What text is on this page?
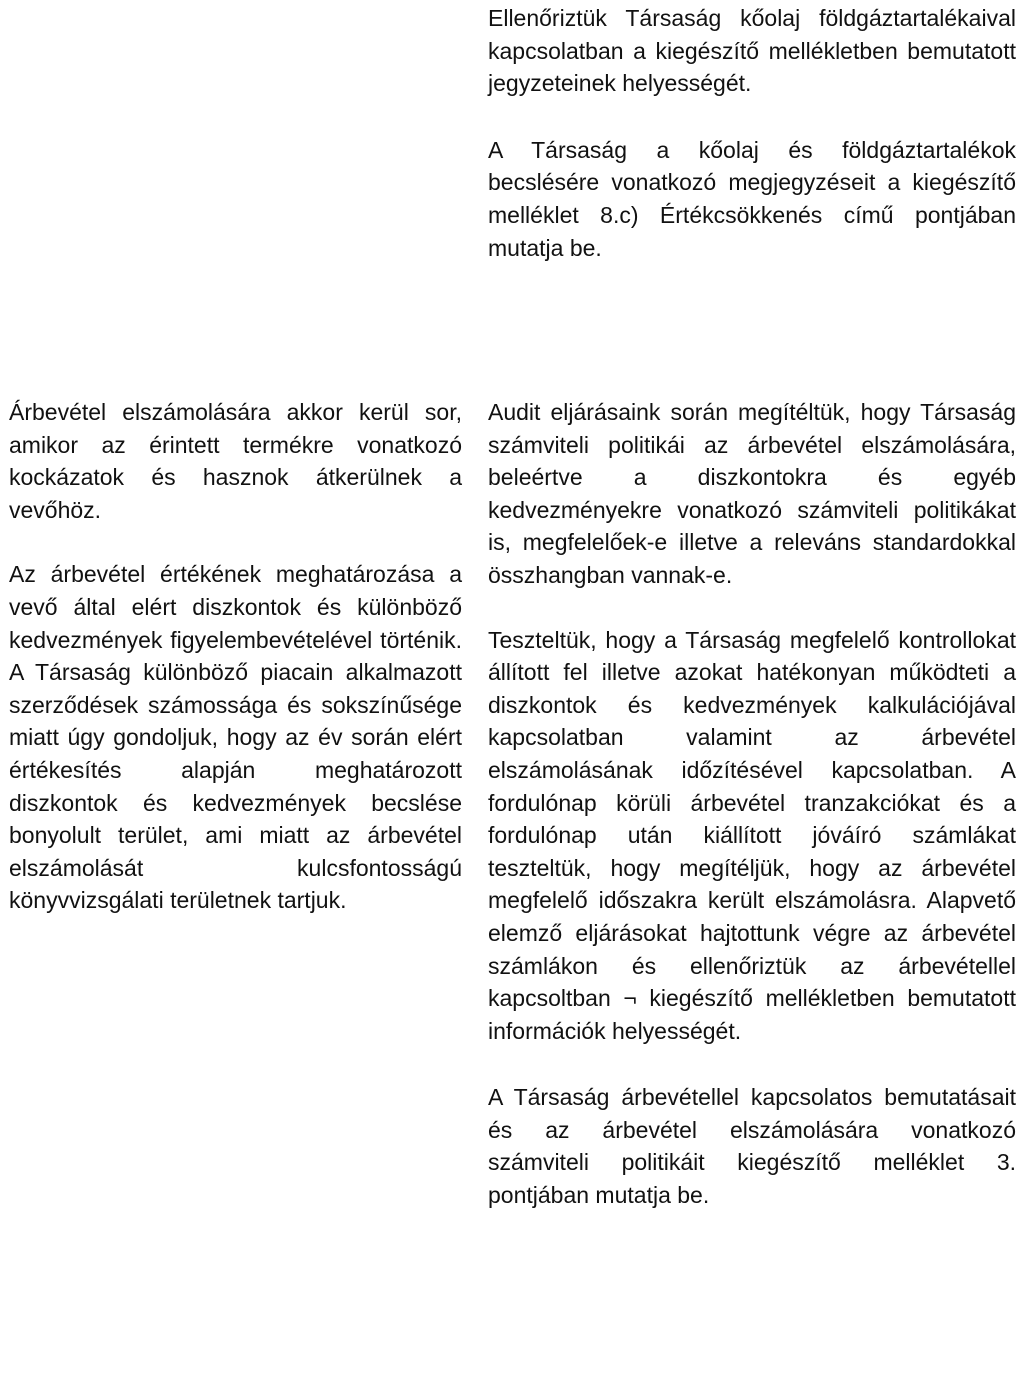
Ellenőriztük Társaság kőolaj földgáztartalékaival kapcsolatban a kiegészítő mellékletben bemutatott jegyzeteinek helyességét.

A Társaság a kőolaj és földgáztartalékok becslésére vonatkozó megjegyzéseit a kiegészítő melléklet 8.c) Értékcsökkenés című pontjában mutatja be.

Árbevétel elszámolására akkor kerül sor, amikor az érintett termékre vonatkozó kockázatok és hasznok átkerülnek a vevőhöz.

Az árbevétel értékének meghatározása a vevő által elért diszkontok és különböző kedvezmények figyelembevételével történik. A Társaság különböző piacain alkalmazott szerződések számossága és sokszínűsége miatt úgy gondoljuk, hogy az év során elért értékesítés alapján meghatározott diszkontok és kedvezmények becslése bonyolult terület, ami miatt az árbevétel elszámolását kulcsfontosságú könyvvizsgálati területnek tartjuk.

Audit eljárásaink során megítéltük, hogy Társaság számviteli politikái az árbevétel elszámolására, beleértve a diszkontokra és egyéb kedvezményekre vonatkozó számviteli politikákat is, megfelelőek-e illetve a releváns standardokkal összhangban vannak-e.

Teszteltük, hogy a Társaság megfelelő kontrollokat állított fel illetve azokat hatékonyan működteti a diszkontok és kedvezmények kalkulációjával kapcsolatban valamint az árbevétel elszámolásának időzítésével kapcsolatban. A fordulónap körüli árbevétel tranzakciókat és a fordulónap után kiállított jóváíró számlákat teszteltük, hogy megítéljük, hogy az árbevétel megfelelő időszakra került elszámolásra. Alapvető elemző eljárásokat hajtottunk végre az árbevétel számlákon és ellenőriztük az árbevétellel kapcsoltban ¬ kiegészítő mellékletben bemutatott információk helyességét.

A Társaság árbevétellel kapcsolatos bemutatásait és az árbevétel elszámolására vonatkozó számviteli politikáit kiegészítő melléklet 3. pontjában mutatja be.
